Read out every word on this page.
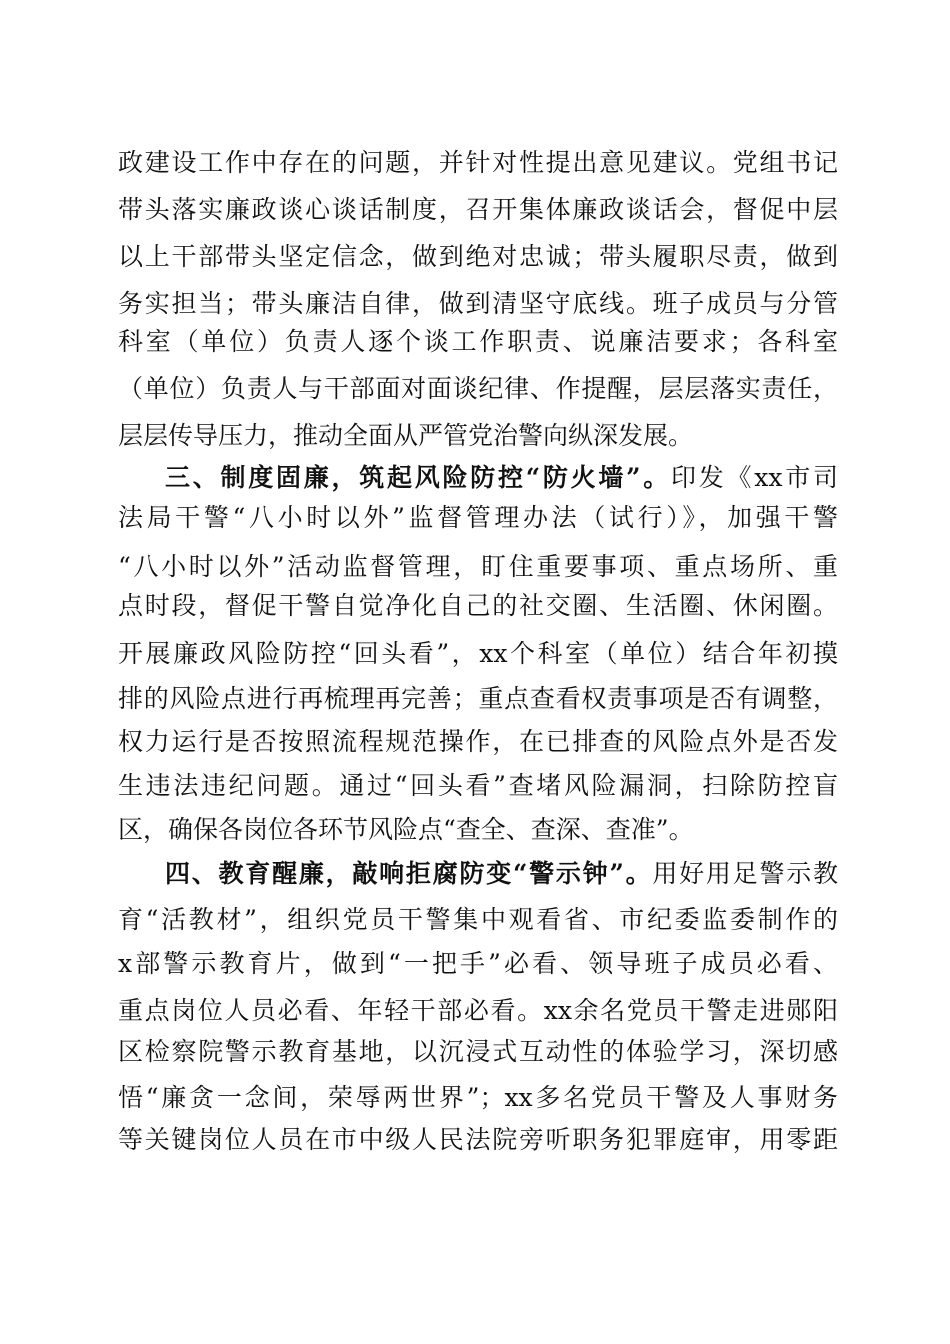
政建设工作中存在的问题，并针对性提出意见建议。党组书记
带头落实廉政谈心谈话制度，召开集体廉政谈话会，督促中层
以上干部带头坚定信念，做到绝对忠诚；带头履职尽责，做到
务实担当；带头廉洁自律，做到清坚守底线。班子成员与分管
科室（单位）负责人逐个谈工作职责、说廉洁要求；各科室
（单位）负责人与干部面对面谈纪律、作提醒，层层落实责任，
层层传导压力，推动全面从严管党治警向纵深发展。
三、制度固廉，筑起风险防控“防火墙”。印发《xx市司
法局干警“八小时以外”监督管理办法（试行）》，加强干警
“八小时以外”活动监督管理，盯住重要事项、重点场所、重
点时段，督促干警自觉净化自己的社交圈、生活圈、休闲圈。
开展廉政风险防控“回头看”，xx个科室（单位）结合年初摸
排的风险点进行再梳理再完善；重点查看权责事项是否有调整，
权力运行是否按照流程规范操作，在已排查的风险点外是否发
生违法违纪问题。通过“回头看”查堵风险漏洞，扫除防控盲
区，确保各岗位各环节风险点“查全、查深、查准”。
四、教育醒廉，敲响拒腐防变“警示钟”。用好用足警示教
育“活教材”，组织党员干警集中观看省、市纪委监委制作的
x部警示教育片，做到“一把手”必看、领导班子成员必看、
重点岗位人员必看、年轻干部必看。xx余名党员干警走进郧阳
区检察院警示教育基地，以沉浸式互动性的体验学习，深切感
悟“廉贪一念间，荣辱两世界”；xx多名党员干警及人事财务
等关键岗位人员在市中级人民法院旁听职务犯罪庭审，用零距
